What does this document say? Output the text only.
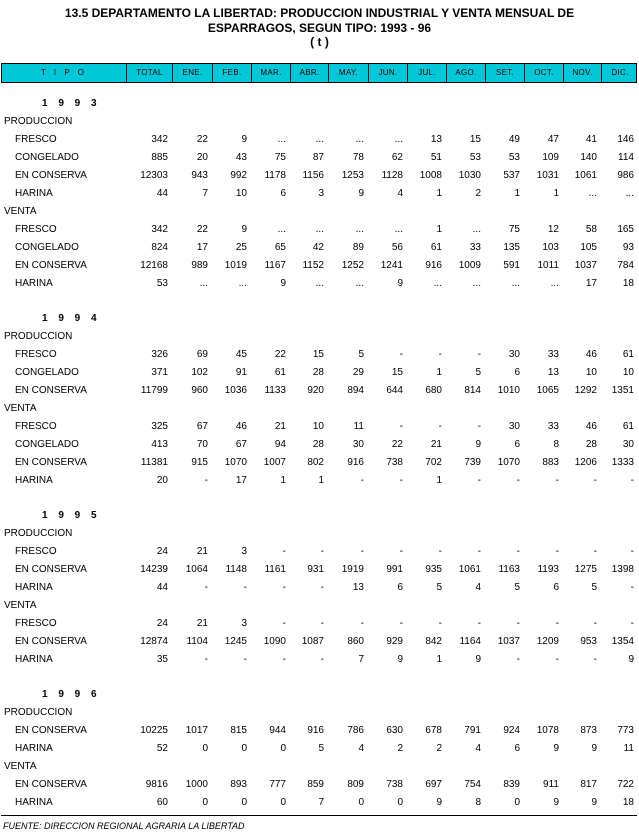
13.5 DEPARTAMENTO LA LIBERTAD: PRODUCCION INDUSTRIAL Y VENTA MENSUAL DE
ESPARRAGOS, SEGUN TIPO: 1993 - 96
( t )
T I P O	TOTAL	ENE.	FEB.	MAR.	ABR.	MAY.	JUN.	JUL.	AGO.	SET.	OCT.	NOV.	DIC.
1 9 9 3
PRODUCCION
FRESCO	342	22	9	...	...	...	...	13	15	49	47	41	146
CONGELADO	885	20	43	75	87	78	62	51	53	53	109	140	114
EN CONSERVA	12303	943	992	1178	1156	1253	1128	1008	1030	537	1031	1061	986
HARINA	44	7	10	6	3	9	4	1	2	1	1	...	...
VENTA
FRESCO	342	22	9	...	...	...	...	1	...	75	12	58	165
CONGELADO	824	17	25	65	42	89	56	61	33	135	103	105	93
EN CONSERVA	12168	989	1019	1167	1152	1252	1241	916	1009	591	1011	1037	784
HARINA	53	...	...	9	...	...	9	...	...	...	...	17	18
1 9 9 4
PRODUCCION
FRESCO	326	69	45	22	15	5	-	-	-	30	33	46	61
CONGELADO	371	102	91	61	28	29	15	1	5	6	13	10	10
EN CONSERVA	11799	960	1036	1133	920	894	644	680	814	1010	1065	1292	1351
VENTA
FRESCO	325	67	46	21	10	11	-	-	-	30	33	46	61
CONGELADO	413	70	67	94	28	30	22	21	9	6	8	28	30
EN CONSERVA	11381	915	1070	1007	802	916	738	702	739	1070	883	1206	1333
HARINA	20	-	17	1	1	-	-	1	-	-	-	-	-
1 9 9 5
PRODUCCION
FRESCO	24	21	3	-	-	-	-	-	-	-	-	-	-
EN CONSERVA	14239	1064	1148	1161	931	1919	991	935	1061	1163	1193	1275	1398
HARINA	44	-	-	-	-	13	6	5	4	5	6	5	-
VENTA
FRESCO	24	21	3	-	-	-	-	-	-	-	-	-	-
EN CONSERVA	12874	1104	1245	1090	1087	860	929	842	1164	1037	1209	953	1354
HARINA	35	-	-	-	-	7	9	1	9	-	-	-	9
1 9 9 6
PRODUCCION
EN CONSERVA	10225	1017	815	944	916	786	630	678	791	924	1078	873	773
HARINA	52	0	0	0	5	4	2	2	4	6	9	9	11
VENTA
EN CONSERVA	9816	1000	893	777	859	809	738	697	754	839	911	817	722
HARINA	60	0	0	0	7	0	0	9	8	0	9	9	18
FUENTE: DIRECCION REGIONAL AGRARIA LA LIBERTAD
